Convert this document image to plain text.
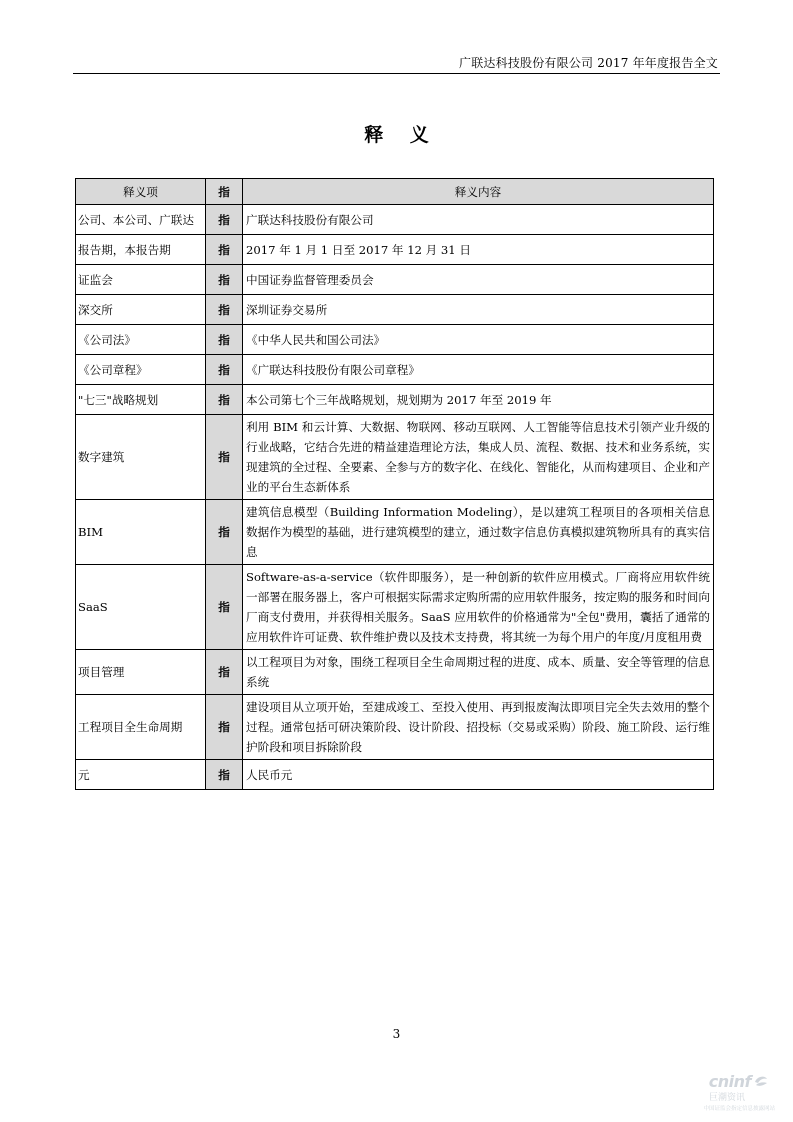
广联达科技股份有限公司 2017 年年度报告全文
释 义
释义项	指	释义内容
公司、本公司、广联达	指	广联达科技股份有限公司
报告期，本报告期	指	2017 年 1 月 1 日至 2017 年 12 月 31 日
证监会	指	中国证券监督管理委员会
深交所	指	深圳证券交易所
《公司法》	指	《中华人民共和国公司法》
《公司章程》	指	《广联达科技股份有限公司章程》
"七三"战略规划	指	本公司第七个三年战略规划，规划期为 2017 年至 2019 年
数字建筑	指	利用 BIM 和云计算、大数据、物联网、移动互联网、人工智能等信息技术引领产业升级的行业战略，它结合先进的精益建造理论方法，集成人员、流程、数据、技术和业务系统，实现建筑的全过程、全要素、全参与方的数字化、在线化、智能化，从而构建项目、企业和产业的平台生态新体系
BIM	指	建筑信息模型（Building Information Modeling），是以建筑工程项目的各项相关信息数据作为模型的基础，进行建筑模型的建立，通过数字信息仿真模拟建筑物所具有的真实信息
SaaS	指	Software-as-a-service（软件即服务），是一种创新的软件应用模式。厂商将应用软件统一部署在服务器上，客户可根据实际需求定购所需的应用软件服务，按定购的服务和时间向厂商支付费用，并获得相关服务。SaaS 应用软件的价格通常为"全包"费用，囊括了通常的应用软件许可证费、软件维护费以及技术支持费，将其统一为每个用户的年度/月度租用费
项目管理	指	以工程项目为对象，围绕工程项目全生命周期过程的进度、成本、质量、安全等管理的信息系统
工程项目全生命周期	指	建设项目从立项开始，至建成竣工、至投入使用、再到报废淘汰即项目完全失去效用的整个过程。通常包括可研决策阶段、设计阶段、招投标（交易或采购）阶段、施工阶段、运行维护阶段和项目拆除阶段
元	指	人民币元
3
cninf
巨潮资讯
中国证监会指定信息披露网站
